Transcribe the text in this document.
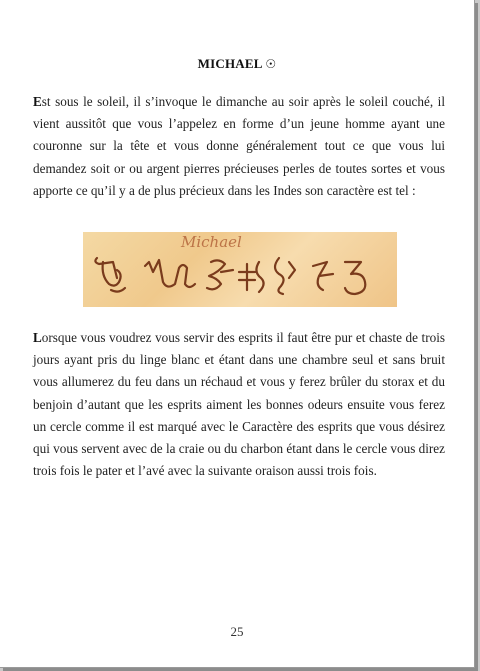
MICHAEL ☉

Est sous le soleil, il s’invoque le dimanche au soir après le soleil couché, il vient aussitôt que vous l’appelez en forme d’un jeune homme ayant une couronne sur la tête et vous donne généralement tout ce que vous lui demandez soit or ou argent pierres précieuses perles de toutes sortes et vous apporte ce qu’il y a de plus précieux dans les Indes son caractère est tel :

Michael

Lorsque vous voudrez vous servir des esprits il faut être pur et chaste de trois jours ayant pris du linge blanc et étant dans une chambre seul et sans bruit vous allumerez du feu dans un réchaud et vous y ferez brûler du storax et du benjoin d’autant que les esprits aiment les bonnes odeurs ensuite vous ferez un cercle comme il est marqué avec le Caractère des esprits que vous désirez qui vous servent avec de la craie ou du charbon étant dans le cercle vous direz trois fois le pater et l’avé avec la suivante oraison aussi trois fois.

25
